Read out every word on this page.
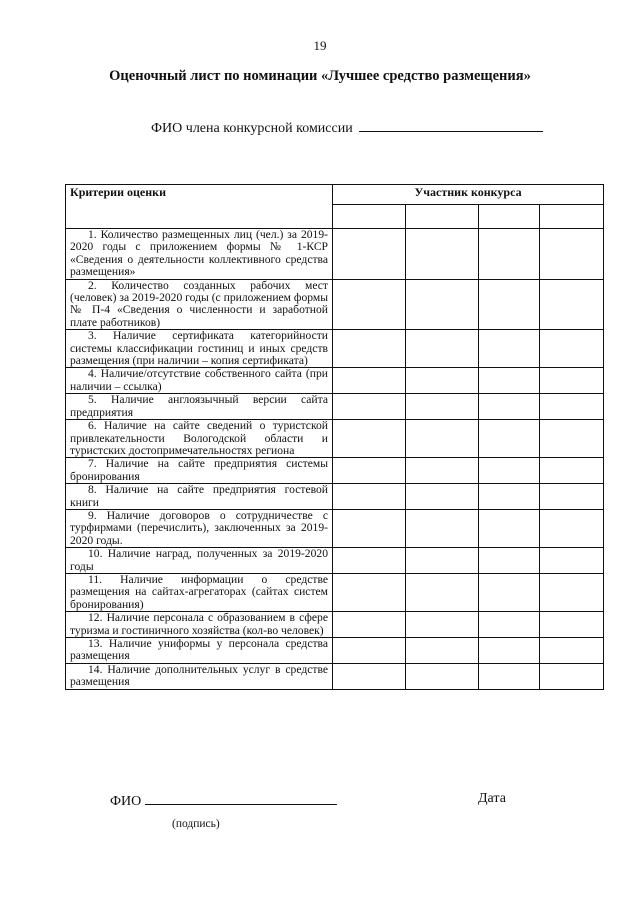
19
Оценочный лист по номинации «Лучшее средство размещения»
ФИО члена конкурсной комиссии
Критерии оценки	Участник конкурса			

1. Количество размещенных лиц (чел.) за 2019-2020 годы с приложением формы № 1-КСР «Сведения о деятельности коллективного средства размещения»				

2. Количество созданных рабочих мест (человек) за 2019-2020 годы (с приложением формы № П-4 «Сведения о численности и заработной плате работников)				

3. Наличие сертификата категорийности системы классификации гостиниц и иных средств размещения (при наличии – копия сертификата)				

4. Наличие/отсутствие собственного сайта (при наличии – ссылка)				

5. Наличие англоязычный версии сайта предприятия				

6. Наличие на сайте сведений о туристской привлекательности Вологодской области и туристских достопримечательностях региона				

7. Наличие на сайте предприятия системы бронирования				

8. Наличие на сайте предприятия гостевой книги				

9. Наличие договоров о сотрудничестве с турфирмами (перечислить), заключенных за 2019-2020 годы.				

10. Наличие наград, полученных за 2019-2020 годы				

11. Наличие информации о средстве размещения на сайтах-агрегаторах (сайтах систем бронирования)				

12. Наличие персонала с образованием в сфере туризма и гостиничного хозяйства (кол-во человек)				

13. Наличие униформы у персонала средства размещения				

14. Наличие дополнительных услуг в средстве размещения				

ФИО	Дата
(подпись)
